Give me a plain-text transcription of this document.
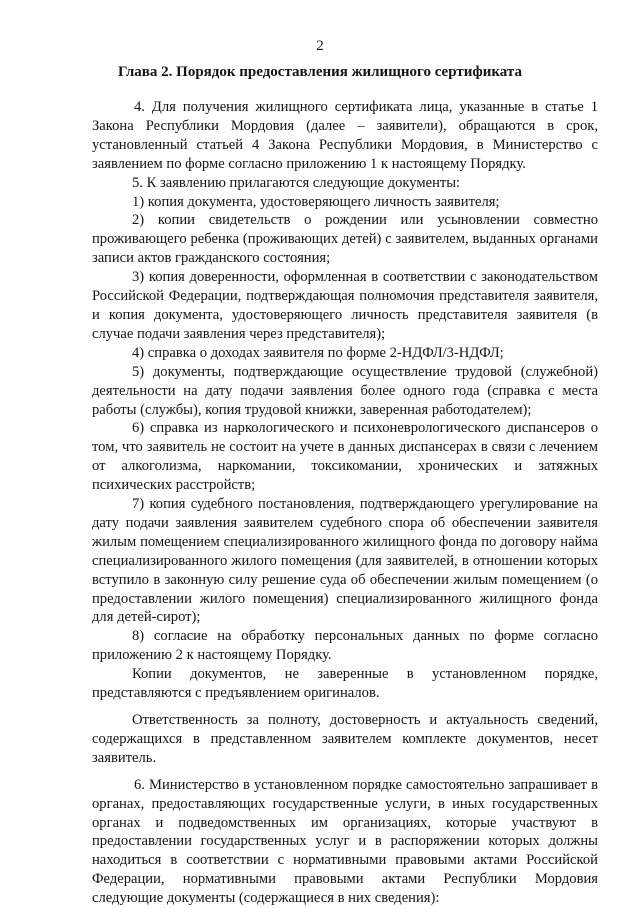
2
Глава 2. Порядок предоставления жилищного сертификата

4. Для получения жилищного сертификата лица, указанные в статье 1 Закона Республики Мордовия (далее – заявители), обращаются в срок, установленный статьей 4 Закона Республики Мордовия, в Министерство с заявлением по форме согласно приложению 1 к настоящему Порядку.

5. К заявлению прилагаются следующие документы:

1) копия документа, удостоверяющего личность заявителя;

2) копии свидетельств о рождении или усыновлении совместно проживающего ребенка (проживающих детей) с заявителем, выданных органами записи актов гражданского состояния;

3) копия доверенности, оформленная в соответствии с законодательством Российской Федерации, подтверждающая полномочия представителя заявителя, и копия документа, удостоверяющего личность представителя заявителя (в случае подачи заявления через представителя);

4) справка о доходах заявителя по форме 2-НДФЛ/3-НДФЛ;

5) документы, подтверждающие осуществление трудовой (служебной) деятельности на дату подачи заявления более одного года (справка с места работы (службы), копия трудовой книжки, заверенная работодателем);

6) справка из наркологического и психоневрологического диспансеров о том, что заявитель не состоит на учете в данных диспансерах в связи с лечением от алкоголизма, наркомании, токсикомании, хронических и затяжных психических расстройств;

7) копия судебного постановления, подтверждающего урегулирование на дату подачи заявления заявителем судебного спора об обеспечении заявителя жилым помещением специализированного жилищного фонда по договору найма специализированного жилого помещения (для заявителей, в отношении которых вступило в законную силу решение суда об обеспечении жилым помещением (о предоставлении жилого помещения) специализированного жилищного фонда для детей-сирот);

8) согласие на обработку персональных данных по форме согласно приложению 2 к настоящему Порядку.

Копии документов, не заверенные в установленном порядке, представляются с предъявлением оригиналов.

Ответственность за полноту, достоверность и актуальность сведений, содержащихся в представленном заявителем комплекте документов, несет заявитель.

6. Министерство в установленном порядке самостоятельно запрашивает в органах, предоставляющих государственные услуги, в иных государственных органах и подведомственных им организациях, которые участвуют в предоставлении государственных услуг и в распоряжении которых должны находиться в соответствии с нормативными правовыми актами Российской Федерации, нормативными правовыми актами Республики Мордовия следующие документы (содержащиеся в них сведения):
